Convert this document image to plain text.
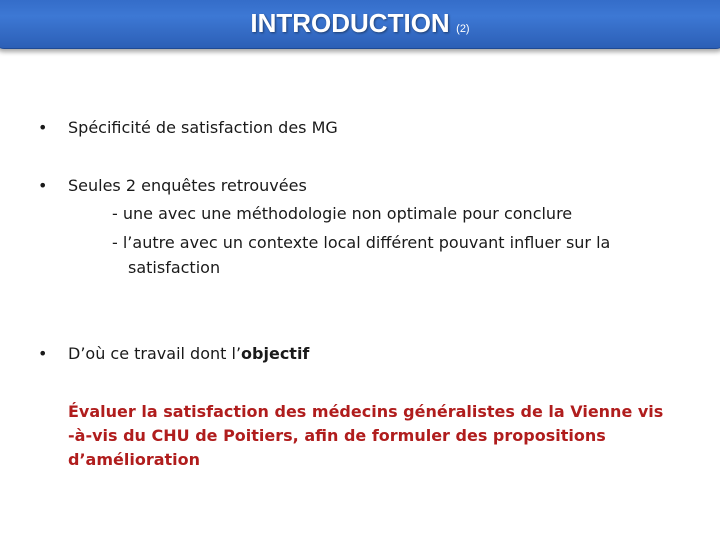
INTRODUCTION (2)
• Spécificité de satisfaction des MG
• Seules 2 enquêtes retrouvées
- une avec une méthodologie non optimale pour conclure
- l’autre avec un contexte local différent pouvant influer sur la
satisfaction
• D’où ce travail dont l’objectif
Évaluer la satisfaction des médecins généralistes de la Vienne vis
-à-vis du CHU de Poitiers, afin de formuler des propositions
d’amélioration
